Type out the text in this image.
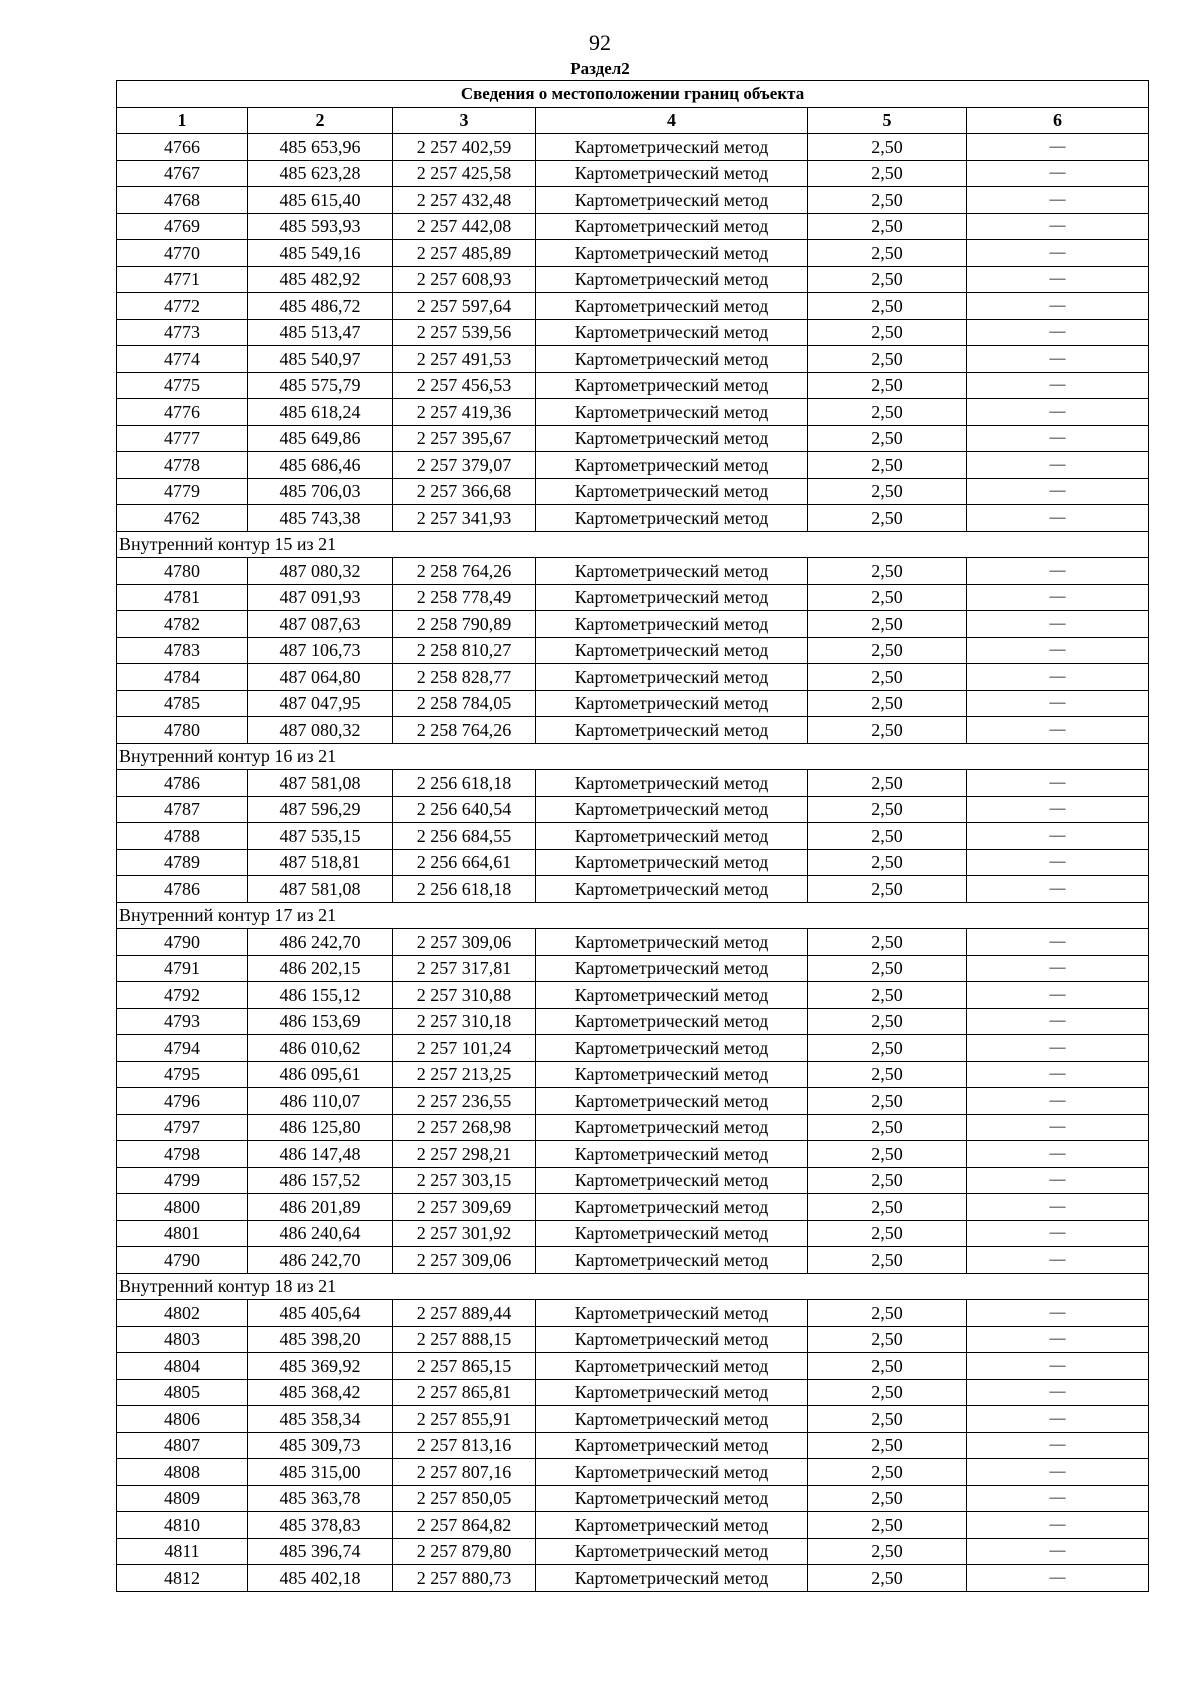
92
Раздел2
Сведения о местоположении границ объекта					
1	2	3	4	5	6
4766	485 653,96	2 257 402,59	Картометрический метод	2,50	—
4767	485 623,28	2 257 425,58	Картометрический метод	2,50	—
4768	485 615,40	2 257 432,48	Картометрический метод	2,50	—
4769	485 593,93	2 257 442,08	Картометрический метод	2,50	—
4770	485 549,16	2 257 485,89	Картометрический метод	2,50	—
4771	485 482,92	2 257 608,93	Картометрический метод	2,50	—
4772	485 486,72	2 257 597,64	Картометрический метод	2,50	—
4773	485 513,47	2 257 539,56	Картометрический метод	2,50	—
4774	485 540,97	2 257 491,53	Картометрический метод	2,50	—
4775	485 575,79	2 257 456,53	Картометрический метод	2,50	—
4776	485 618,24	2 257 419,36	Картометрический метод	2,50	—
4777	485 649,86	2 257 395,67	Картометрический метод	2,50	—
4778	485 686,46	2 257 379,07	Картометрический метод	2,50	—
4779	485 706,03	2 257 366,68	Картометрический метод	2,50	—
4762	485 743,38	2 257 341,93	Картометрический метод	2,50	—
Внутренний контур 15 из 21					
4780	487 080,32	2 258 764,26	Картометрический метод	2,50	—
4781	487 091,93	2 258 778,49	Картометрический метод	2,50	—
4782	487 087,63	2 258 790,89	Картометрический метод	2,50	—
4783	487 106,73	2 258 810,27	Картометрический метод	2,50	—
4784	487 064,80	2 258 828,77	Картометрический метод	2,50	—
4785	487 047,95	2 258 784,05	Картометрический метод	2,50	—
4780	487 080,32	2 258 764,26	Картометрический метод	2,50	—
Внутренний контур 16 из 21					
4786	487 581,08	2 256 618,18	Картометрический метод	2,50	—
4787	487 596,29	2 256 640,54	Картометрический метод	2,50	—
4788	487 535,15	2 256 684,55	Картометрический метод	2,50	—
4789	487 518,81	2 256 664,61	Картометрический метод	2,50	—
4786	487 581,08	2 256 618,18	Картометрический метод	2,50	—
Внутренний контур 17 из 21					
4790	486 242,70	2 257 309,06	Картометрический метод	2,50	—
4791	486 202,15	2 257 317,81	Картометрический метод	2,50	—
4792	486 155,12	2 257 310,88	Картометрический метод	2,50	—
4793	486 153,69	2 257 310,18	Картометрический метод	2,50	—
4794	486 010,62	2 257 101,24	Картометрический метод	2,50	—
4795	486 095,61	2 257 213,25	Картометрический метод	2,50	—
4796	486 110,07	2 257 236,55	Картометрический метод	2,50	—
4797	486 125,80	2 257 268,98	Картометрический метод	2,50	—
4798	486 147,48	2 257 298,21	Картометрический метод	2,50	—
4799	486 157,52	2 257 303,15	Картометрический метод	2,50	—
4800	486 201,89	2 257 309,69	Картометрический метод	2,50	—
4801	486 240,64	2 257 301,92	Картометрический метод	2,50	—
4790	486 242,70	2 257 309,06	Картометрический метод	2,50	—
Внутренний контур 18 из 21					
4802	485 405,64	2 257 889,44	Картометрический метод	2,50	—
4803	485 398,20	2 257 888,15	Картометрический метод	2,50	—
4804	485 369,92	2 257 865,15	Картометрический метод	2,50	—
4805	485 368,42	2 257 865,81	Картометрический метод	2,50	—
4806	485 358,34	2 257 855,91	Картометрический метод	2,50	—
4807	485 309,73	2 257 813,16	Картометрический метод	2,50	—
4808	485 315,00	2 257 807,16	Картометрический метод	2,50	—
4809	485 363,78	2 257 850,05	Картометрический метод	2,50	—
4810	485 378,83	2 257 864,82	Картометрический метод	2,50	—
4811	485 396,74	2 257 879,80	Картометрический метод	2,50	—
4812	485 402,18	2 257 880,73	Картометрический метод	2,50	—
